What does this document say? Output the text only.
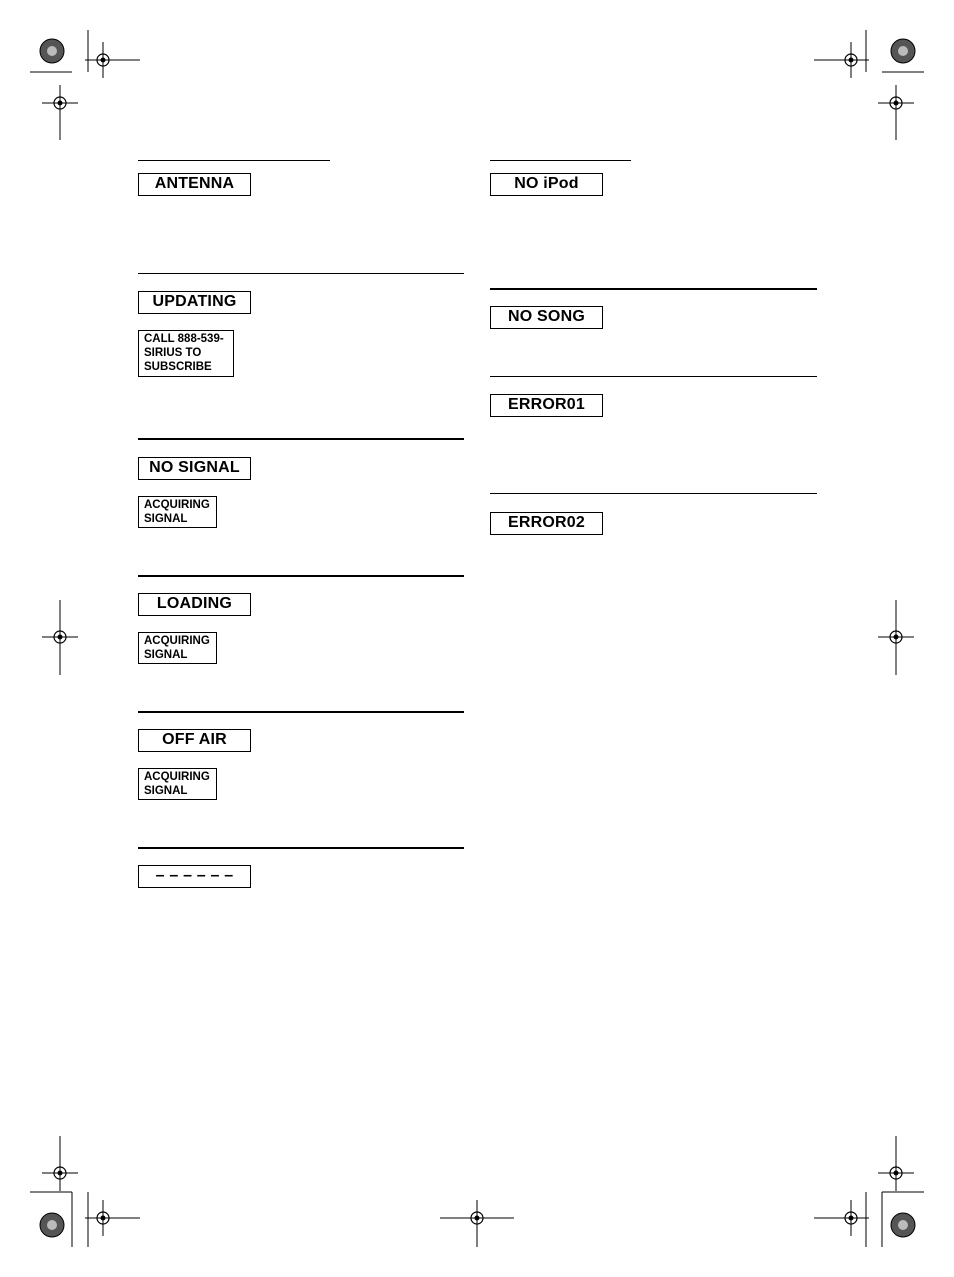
ANTENNA
UPDATING
CALL 888-539-
SIRIUS TO
SUBSCRIBE
NO SIGNAL
ACQUIRING
SIGNAL
LOADING
ACQUIRING
SIGNAL
OFF AIR
ACQUIRING
SIGNAL
– – – – – –
NO iPod
NO SONG
ERROR01
ERROR02
